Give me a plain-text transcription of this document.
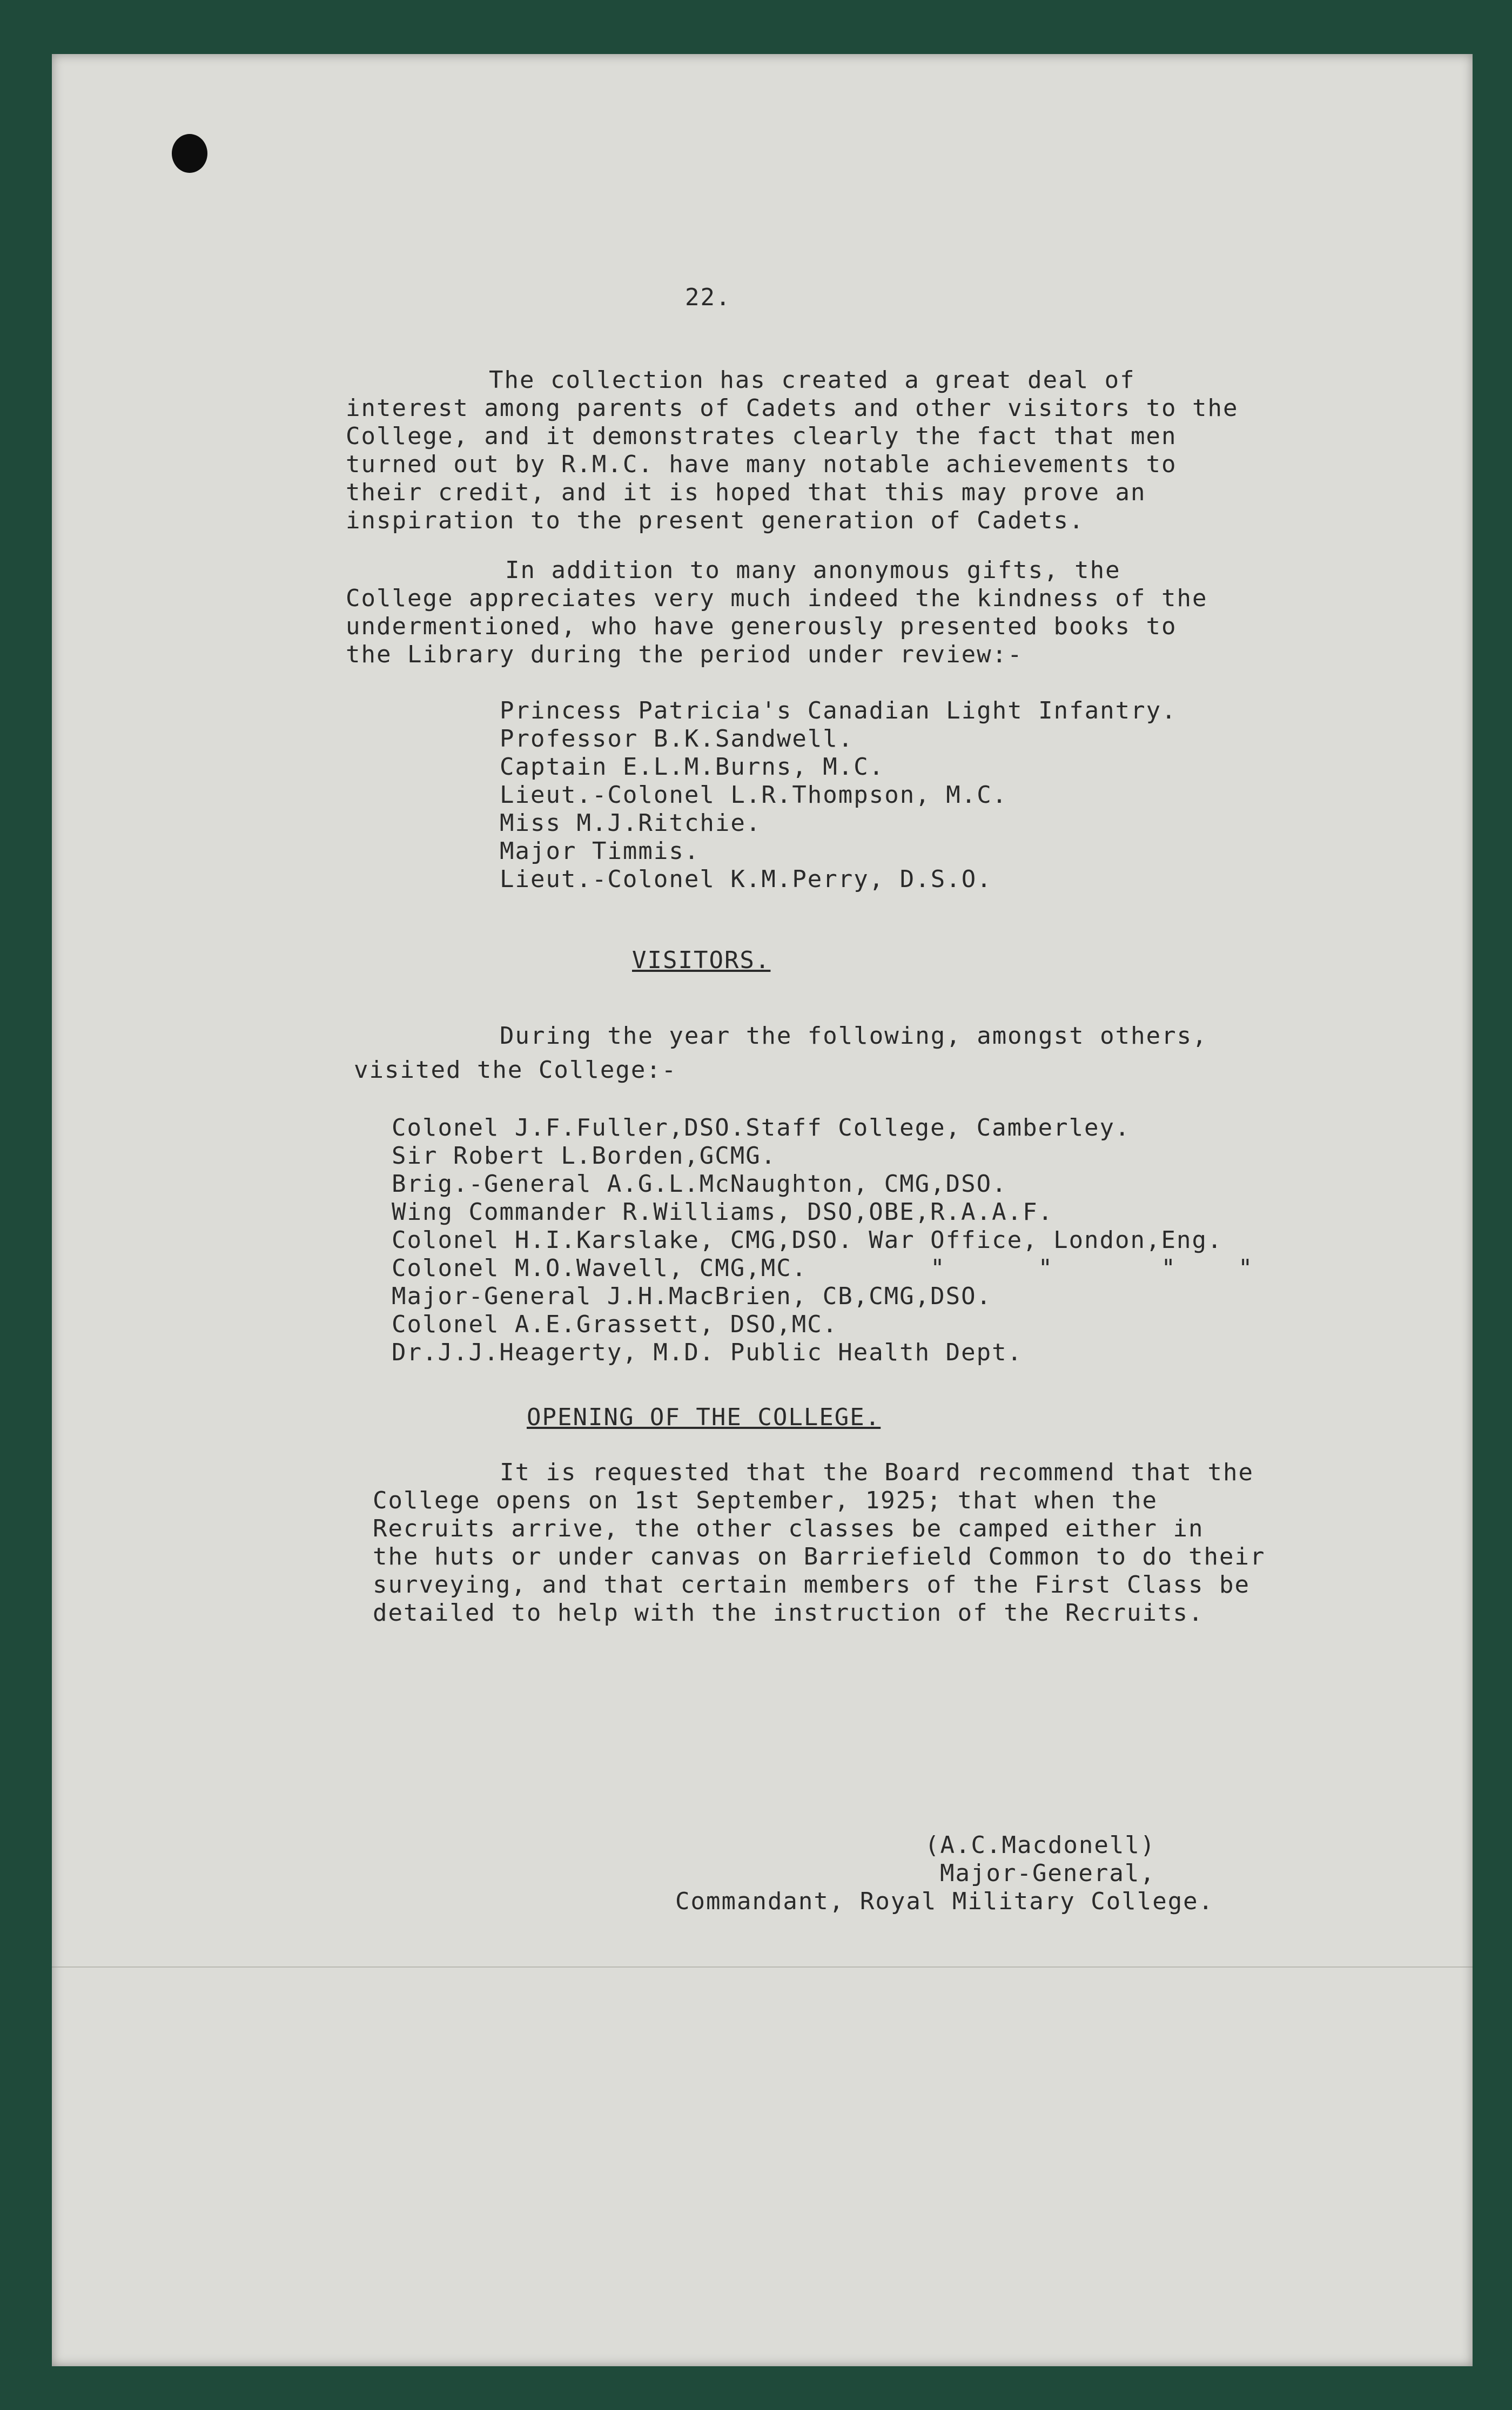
22.
The collection has created a great deal of
interest among parents of Cadets and other visitors to the
College, and it demonstrates clearly the fact that men
turned out by R.M.C. have many notable achievements to
their credit, and it is hoped that this may prove an
inspiration to the present generation of Cadets.
In addition to many anonymous gifts, the
College appreciates very much indeed the kindness of the
undermentioned, who have generously presented books to
the Library during the period under review:-
Princess Patricia's Canadian Light Infantry.
Professor B.K.Sandwell.
Captain E.L.M.Burns, M.C.
Lieut.-Colonel L.R.Thompson, M.C.
Miss M.J.Ritchie.
Major Timmis.
Lieut.-Colonel K.M.Perry, D.S.O.
VISITORS.
During the year the following, amongst others,
visited the College:-
Colonel J.F.Fuller,DSO.Staff College, Camberley.
Sir Robert L.Borden,GCMG.
Brig.-General A.G.L.McNaughton, CMG,DSO.
Wing Commander R.Williams, DSO,OBE,R.A.A.F.
Colonel H.I.Karslake, CMG,DSO. War Office, London,Eng.
Colonel M.O.Wavell, CMG,MC.        "      "       "    "
Major-General J.H.MacBrien, CB,CMG,DSO.
Colonel A.E.Grassett, DSO,MC.
Dr.J.J.Heagerty, M.D. Public Health Dept.
OPENING OF THE COLLEGE.
It is requested that the Board recommend that the
College opens on 1st September, 1925; that when the
Recruits arrive, the other classes be camped either in
the huts or under canvas on Barriefield Common to do their
surveying, and that certain members of the First Class be
detailed to help with the instruction of the Recruits.
(A.C.Macdonell)
Major-General,
Commandant, Royal Military College.
